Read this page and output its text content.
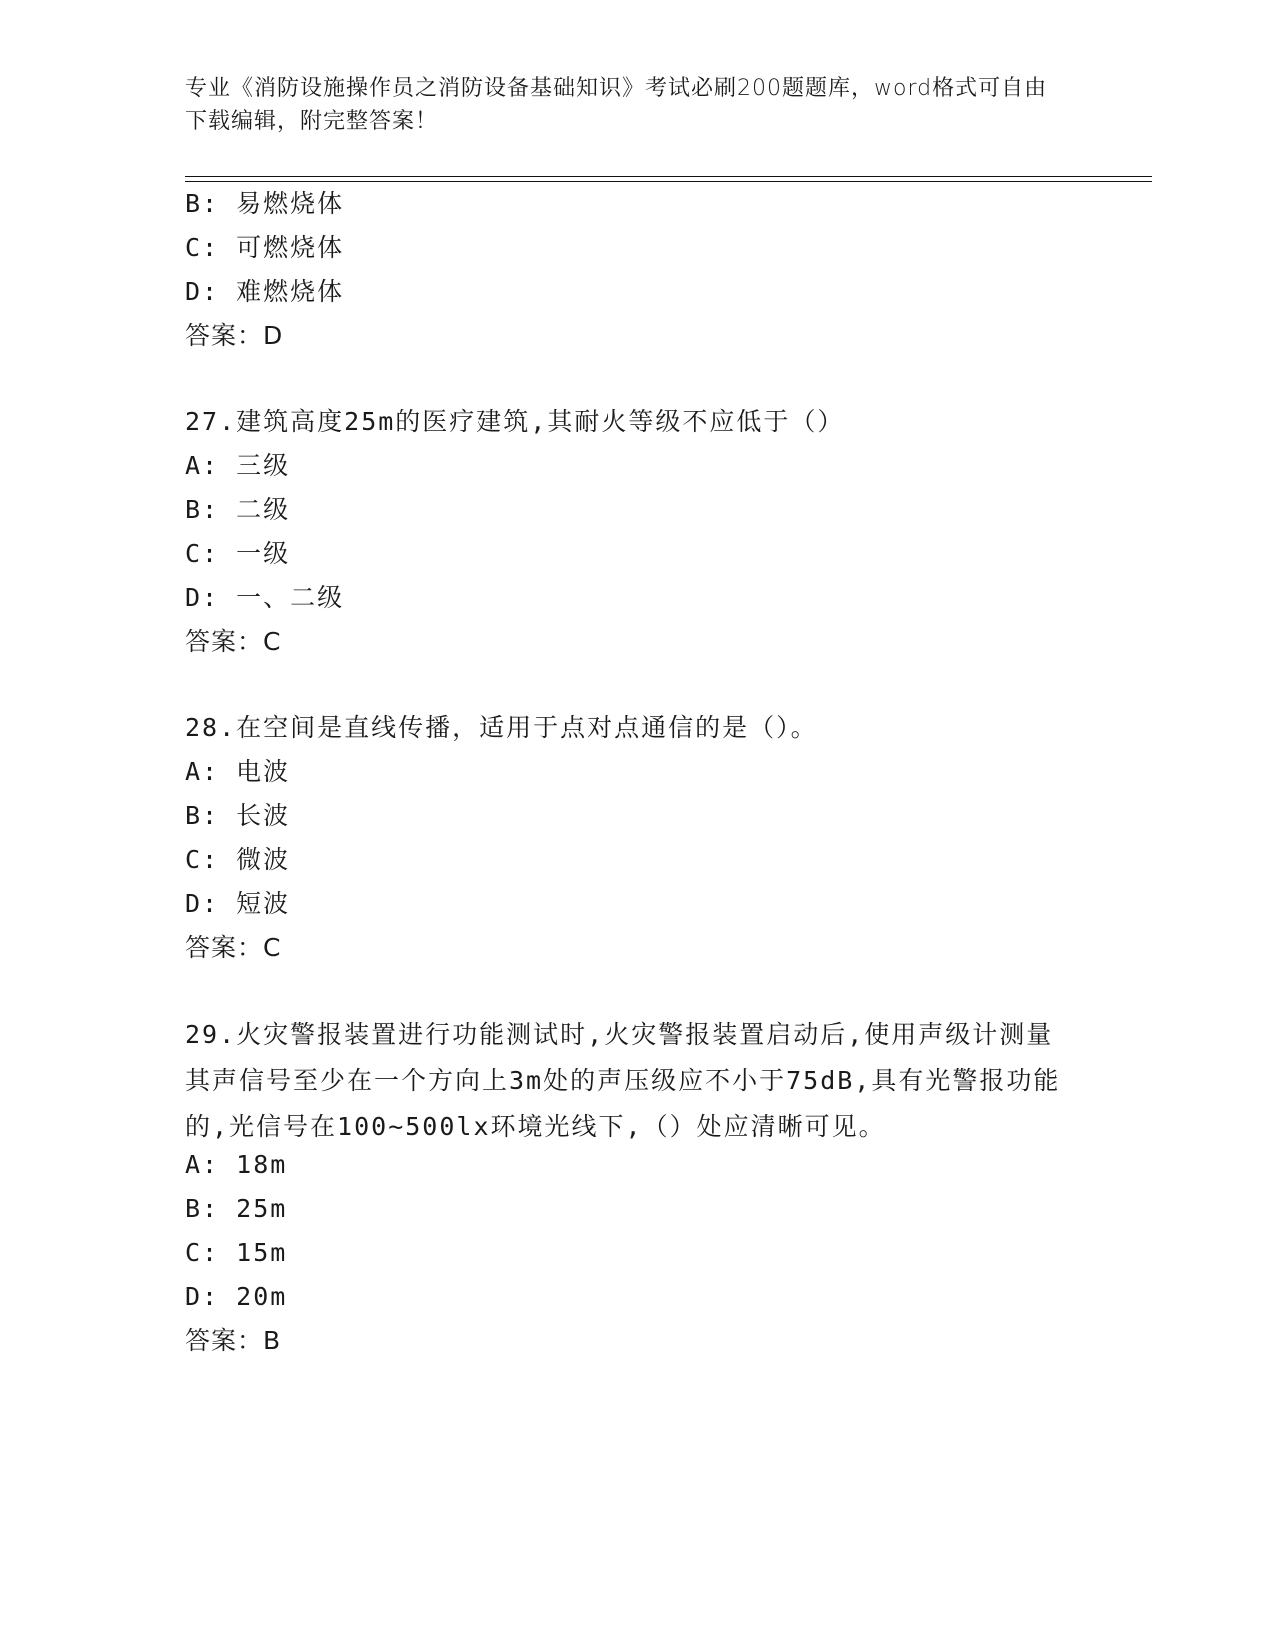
专业《消防设施操作员之消防设备基础知识》考试必刷200题题库，word格式可自由下载编辑，附完整答案！
B: 易燃烧体
C: 可燃烧体
D: 难燃烧体
答案：D
27.建筑高度25m的医疗建筑,其耐火等级不应低于（）
A: 三级
B: 二级
C: 一级
D: 一、二级
答案：C
28.在空间是直线传播，适用于点对点通信的是（）。
A: 电波
B: 长波
C: 微波
D: 短波
答案：C
29.火灾警报装置进行功能测试时,火灾警报装置启动后,使用声级计测量其声信号至少在一个方向上3m处的声压级应不小于75dB,具有光警报功能的,光信号在100~500lx环境光线下,（）处应清晰可见。
A: 18m
B: 25m
C: 15m
D: 20m
答案：B
